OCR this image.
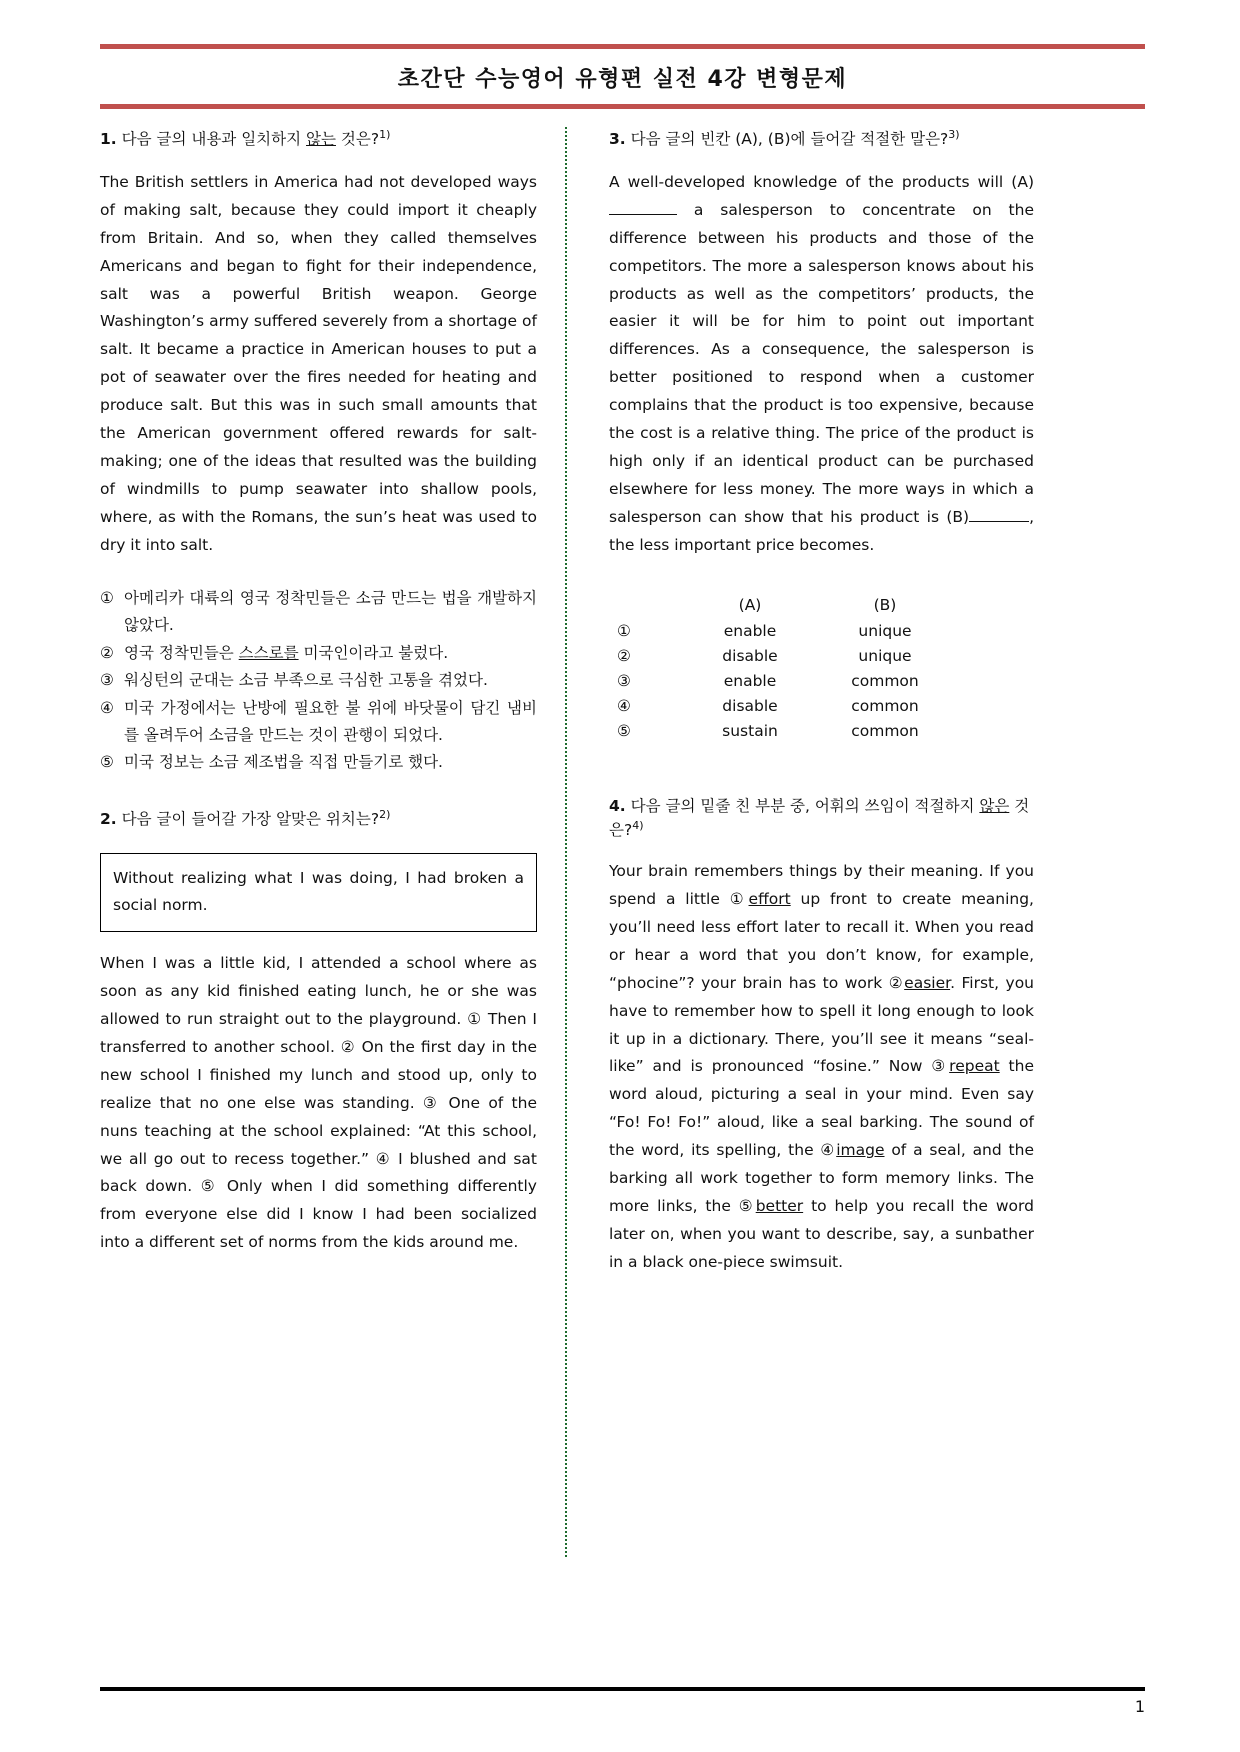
초간단 수능영어 유형편 실전 4강 변형문제
1. 다음 글의 내용과 일치하지 않는 것은?$^{1)}$
The British settlers in America had not developed ways of making salt, because they could import it cheaply from Britain. And so, when they called themselves Americans and began to fight for their independence, salt was a powerful British weapon. George Washington’s army suffered severely from a shortage of salt. It became a practice in American houses to put a pot of seawater over the fires needed for heating and produce salt. But this was in such small amounts that the American government offered rewards for salt-making; one of the ideas that resulted was the building of windmills to pump seawater into shallow pools, where, as with the Romans, the sun’s heat was used to dry it into salt.
① 아메리카 대륙의 영국 정착민들은 소금 만드는 법을 개발하지 않았다.
② 영국 정착민들은 스스로를 미국인이라고 불렀다.
③ 워싱턴의 군대는 소금 부족으로 극심한 고통을 겪었다.
④ 미국 가정에서는 난방에 필요한 불 위에 바닷물이 담긴 냄비를 올려두어 소금을 만드는 것이 관행이 되었다.
⑤ 미국 정보는 소금 제조법을 직접 만들기로 했다.
2. 다음 글이 들어갈 가장 알맞은 위치는?$^{2)}$
Without realizing what I was doing, I had broken a social norm.
When I was a little kid, I attended a school where as soon as any kid finished eating lunch, he or she was allowed to run straight out to the playground. ① Then I transferred to another school. ② On the first day in the new school I finished my lunch and stood up, only to realize that no one else was standing. ③ One of the nuns teaching at the school explained: “At this school, we all go out to recess together.” ④ I blushed and sat back down. ⑤ Only when I did something differently from everyone else did I know I had been socialized into a different set of norms from the kids around me.
3. 다음 글의 빈칸 (A), (B)에 들어갈 적절한 말은?$^{3)}$
A well-developed knowledge of the products will (A) a salesperson to concentrate on the difference between his products and those of the competitors. The more a salesperson knows about his products as well as the competitors’ products, the easier it will be for him to point out important differences. As a consequence, the salesperson is better positioned to respond when a customer complains that the product is too expensive, because the cost is a relative thing. The price of the product is high only if an identical product can be purchased elsewhere for less money. The more ways in which a salesperson can show that his product is (B)	, the less important price becomes.
(A)	(B)
①	enable	unique
②	disable	unique
③	enable	common
④	disable	common
⑤	sustain	common
4. 다음 글의 밑줄 친 부분 중, 어휘의 쓰임이 적절하지 않은 것은?$^{4)}$
Your brain remembers things by their meaning. If you spend a little ①effort up front to create meaning, you’ll need less effort later to recall it. When you read or hear a word that you don’t know, for example, “phocine”? your brain has to work ②easier. First, you have to remember how to spell it long enough to look it up in a dictionary. There, you’ll see it means “seal-like” and is pronounced “fosine.” Now ③repeat the word aloud, picturing a seal in your mind. Even say “Fo! Fo! Fo!” aloud, like a seal barking. The sound of the word, its spelling, the ④image of a seal, and the barking all work together to form memory links. The more links, the ⑤better to help you recall the word later on, when you want to describe, say, a sunbather in a black one-piece swimsuit.
1
